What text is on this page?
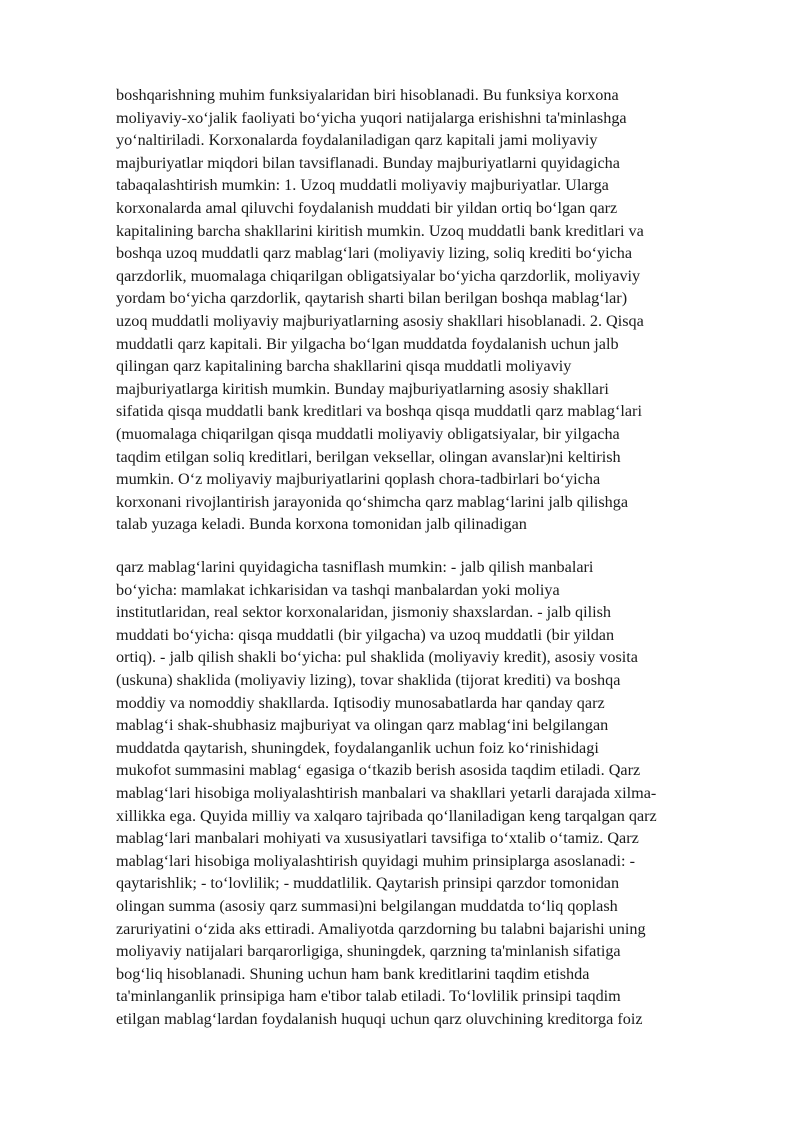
boshqarishning muhim funksiyalaridan biri hisoblanadi. Bu funksiya korxona
moliyaviy-xo‘jalik faoliyati bo‘yicha yuqori natijalarga erishishni ta'minlashga
yo‘naltiriladi. Korxonalarda foydalaniladigan qarz kapitali jami moliyaviy
majburiyatlar miqdori bilan tavsiflanadi. Bunday majburiyatlarni quyidagicha
tabaqalashtirish mumkin: 1. Uzoq muddatli moliyaviy majburiyatlar. Ularga
korxonalarda amal qiluvchi foydalanish muddati bir yildan ortiq bo‘lgan qarz
kapitalining barcha shakllarini kiritish mumkin. Uzoq muddatli bank kreditlari va
boshqa uzoq muddatli qarz mablag‘lari (moliyaviy lizing, soliq krediti bo‘yicha
qarzdorlik, muomalaga chiqarilgan obligatsiyalar bo‘yicha qarzdorlik, moliyaviy
yordam bo‘yicha qarzdorlik, qaytarish sharti bilan berilgan boshqa mablag‘lar)
uzoq muddatli moliyaviy majburiyatlarning asosiy shakllari hisoblanadi. 2. Qisqa
muddatli qarz kapitali. Bir yilgacha bo‘lgan muddatda foydalanish uchun jalb
qilingan qarz kapitalining barcha shakllarini qisqa muddatli moliyaviy
majburiyatlarga kiritish mumkin. Bunday majburiyatlarning asosiy shakllari
sifatida qisqa muddatli bank kreditlari va boshqa qisqa muddatli qarz mablag‘lari
(muomalaga chiqarilgan qisqa muddatli moliyaviy obligatsiyalar, bir yilgacha
taqdim etilgan soliq kreditlari, berilgan veksellar, olingan avanslar)ni keltirish
mumkin. O‘z moliyaviy majburiyatlarini qoplash chora-tadbirlari bo‘yicha
korxonani rivojlantirish jarayonida qo‘shimcha qarz mablag‘larini jalb qilishga
talab yuzaga keladi. Bunda korxona tomonidan jalb qilinadigan

qarz mablag‘larini quyidagicha tasniflash mumkin: - jalb qilish manbalari
bo‘yicha: mamlakat ichkarisidan va tashqi manbalardan yoki moliya
institutlaridan, real sektor korxonalaridan, jismoniy shaxslardan. - jalb qilish
muddati bo‘yicha: qisqa muddatli (bir yilgacha) va uzoq muddatli (bir yildan
ortiq). - jalb qilish shakli bo‘yicha: pul shaklida (moliyaviy kredit), asosiy vosita
(uskuna) shaklida (moliyaviy lizing), tovar shaklida (tijorat krediti) va boshqa
moddiy va nomoddiy shakllarda. Iqtisodiy munosabatlarda har qanday qarz
mablag‘i shak-shubhasiz majburiyat va olingan qarz mablag‘ini belgilangan
muddatda qaytarish, shuningdek, foydalanganlik uchun foiz ko‘rinishidagi
mukofot summasini mablag‘ egasiga o‘tkazib berish asosida taqdim etiladi. Qarz
mablag‘lari hisobiga moliyalashtirish manbalari va shakllari yetarli darajada xilma-
xillikka ega. Quyida milliy va xalqaro tajribada qo‘llaniladigan keng tarqalgan qarz
mablag‘lari manbalari mohiyati va xususiyatlari tavsifiga to‘xtalib o‘tamiz. Qarz
mablag‘lari hisobiga moliyalashtirish quyidagi muhim prinsiplarga asoslanadi: -
qaytarishlik; - to‘lovlilik; - muddatlilik. Qaytarish prinsipi qarzdor tomonidan
olingan summa (asosiy qarz summasi)ni belgilangan muddatda to‘liq qoplash
zaruriyatini o‘zida aks ettiradi. Amaliyotda qarzdorning bu talabni bajarishi uning
moliyaviy natijalari barqarorligiga, shuningdek, qarzning ta'minlanish sifatiga
bog‘liq hisoblanadi. Shuning uchun ham bank kreditlarini taqdim etishda
ta'minlanganlik prinsipiga ham e'tibor talab etiladi. To‘lovlilik prinsipi taqdim
etilgan mablag‘lardan foydalanish huquqi uchun qarz oluvchining kreditorga foiz
